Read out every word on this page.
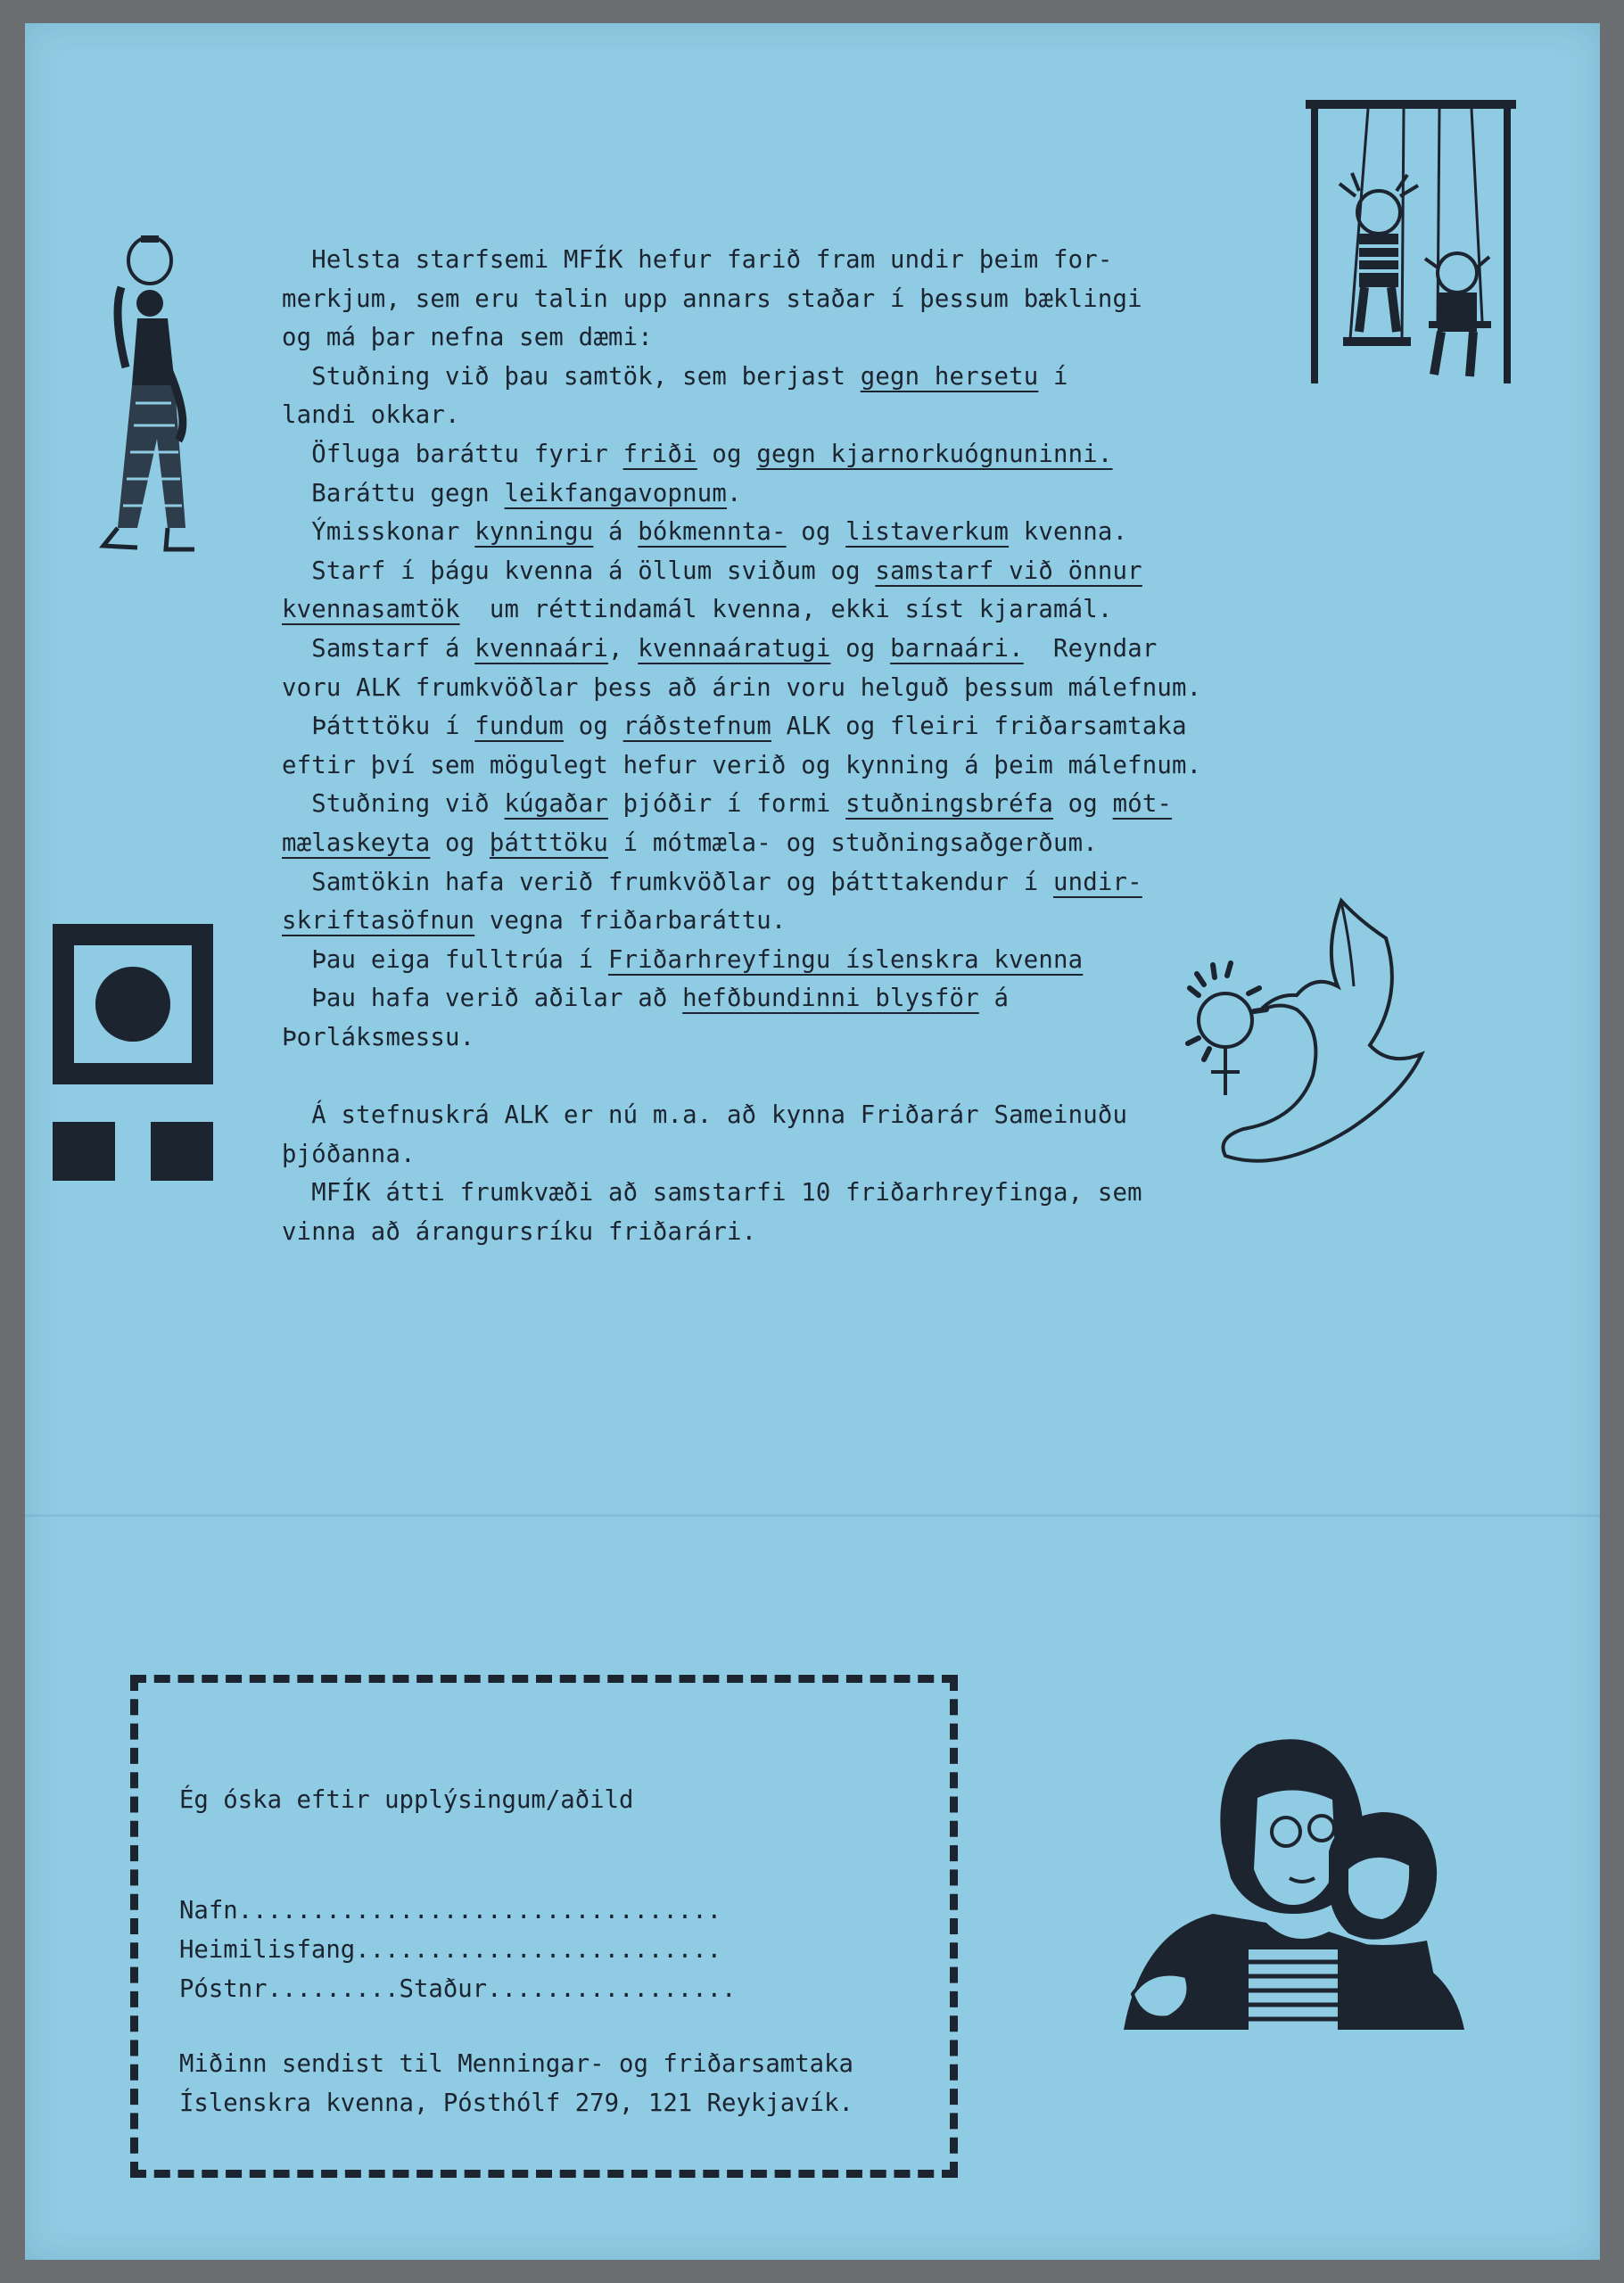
Helsta starfsemi MFÍK hefur farið fram undir þeim for-
merkjum, sem eru talin upp annars staðar í þessum bæklingi
og má þar nefna sem dæmi:
Stuðning við þau samtök, sem berjast gegn hersetu í
landi okkar.
Öfluga baráttu fyrir friði og gegn kjarnorkuógnuninni.
Baráttu gegn leikfangavopnum.
Ýmisskonar kynningu á bókmennta- og listaverkum kvenna.
Starf í þágu kvenna á öllum sviðum og samstarf við önnur
kvennasamtök  um réttindamál kvenna, ekki síst kjaramál.
Samstarf á kvennaári, kvennaáratugi og barnaári.  Reyndar
voru ALK frumkvöðlar þess að árin voru helguð þessum málefnum.
Þátttöku í fundum og ráðstefnum ALK og fleiri friðarsamtaka
eftir því sem mögulegt hefur verið og kynning á þeim málefnum.
Stuðning við kúgaðar þjóðir í formi stuðningsbréfa og mót-
mælaskeyta og þátttöku í mótmæla- og stuðningsaðgerðum.
Samtökin hafa verið frumkvöðlar og þátttakendur í undir-
skriftasöfnun vegna friðarbaráttu.
Þau eiga fulltrúa í Friðarhreyfingu íslenskra kvenna
Þau hafa verið aðilar að hefðbundinni blysför á
Þorláksmessu.
Á stefnuskrá ALK er nú m.a. að kynna Friðarár Sameinuðu
þjóðanna.
MFÍK átti frumkvæði að samstarfi 10 friðarhreyfinga, sem
vinna að árangursríku friðarári.
Ég óska eftir upplýsingum/aðild
Nafn.................................
Heimilisfang.........................
Póstnr.........Staður.................
Miðinn sendist til Menningar- og friðarsamtaka
Íslenskra kvenna, Pósthólf 279, 121 Reykjavík.
